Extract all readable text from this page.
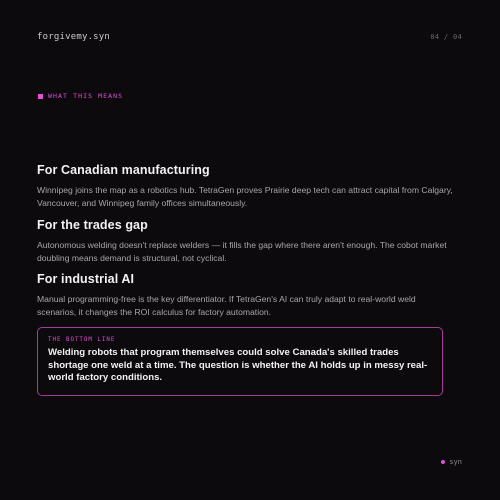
forgivemy.syn	04 / 04
WHAT THIS MEANS
For Canadian manufacturing

Winnipeg joins the map as a robotics hub. TetraGen proves Prairie deep tech can attract capital from Calgary, Vancouver, and Winnipeg family offices simultaneously.

For the trades gap

Autonomous welding doesn't replace welders — it fills the gap where there aren't enough. The cobot market doubling means demand is structural, not cyclical.

For industrial AI

Manual programming-free is the key differentiator. If TetraGen's AI can truly adapt to real-world weld scenarios, it changes the ROI calculus for factory automation.

THE BOTTOM LINE

Welding robots that program themselves could solve Canada's skilled trades shortage one weld at a time. The question is whether the AI holds up in messy real-world factory conditions.

syn
